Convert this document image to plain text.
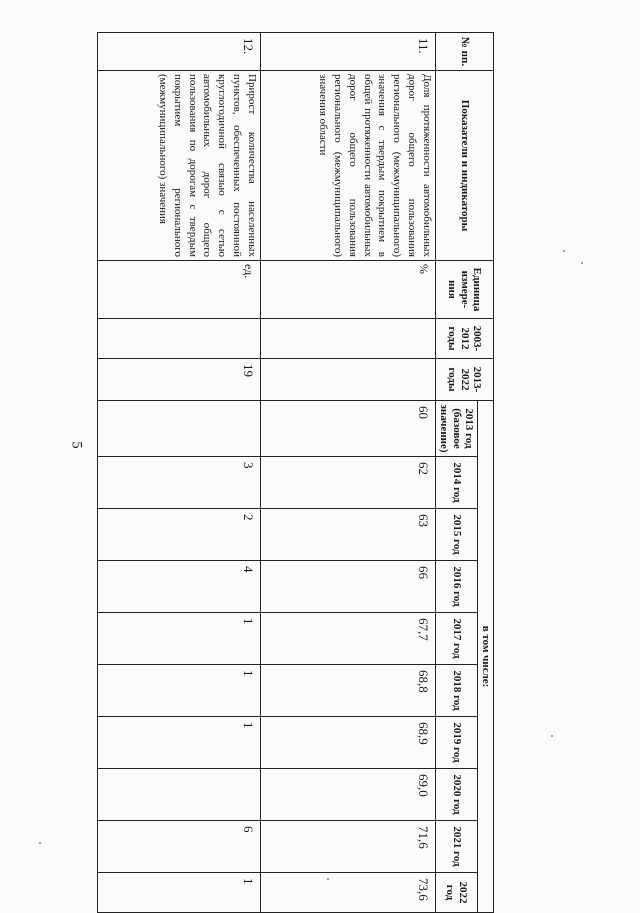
5
№ пп.	Показатели и индикаторы	Единица измере-ния	2003-2012 годы	2013-2022 годы	в том числе:									
					2013 год (базовое значение)	2014 год	2015 год	2016 год	2017 год	2018 год	2019 год	2020 год	2021 год	2022 год
11.	Доля протяженности автомобильных дорог общего пользования регионального (межмуниципального) значения с твердым покрытием в общей протяженности автомобильных дорог общего пользования регионального (межмуниципального) значения области	%			60	62	63	66	67,7	68,8	68,9	69,0	71,6	73,6
12.	Прирост количества населенных пунктов, обеспеченных постоянной круглогодичной связью с сетью автомобильных дорог общего пользования по дорогам с твердым покрытием регионального (межмуниципального) значения	ед.		19		3	2	4	1	1	1		6	1
